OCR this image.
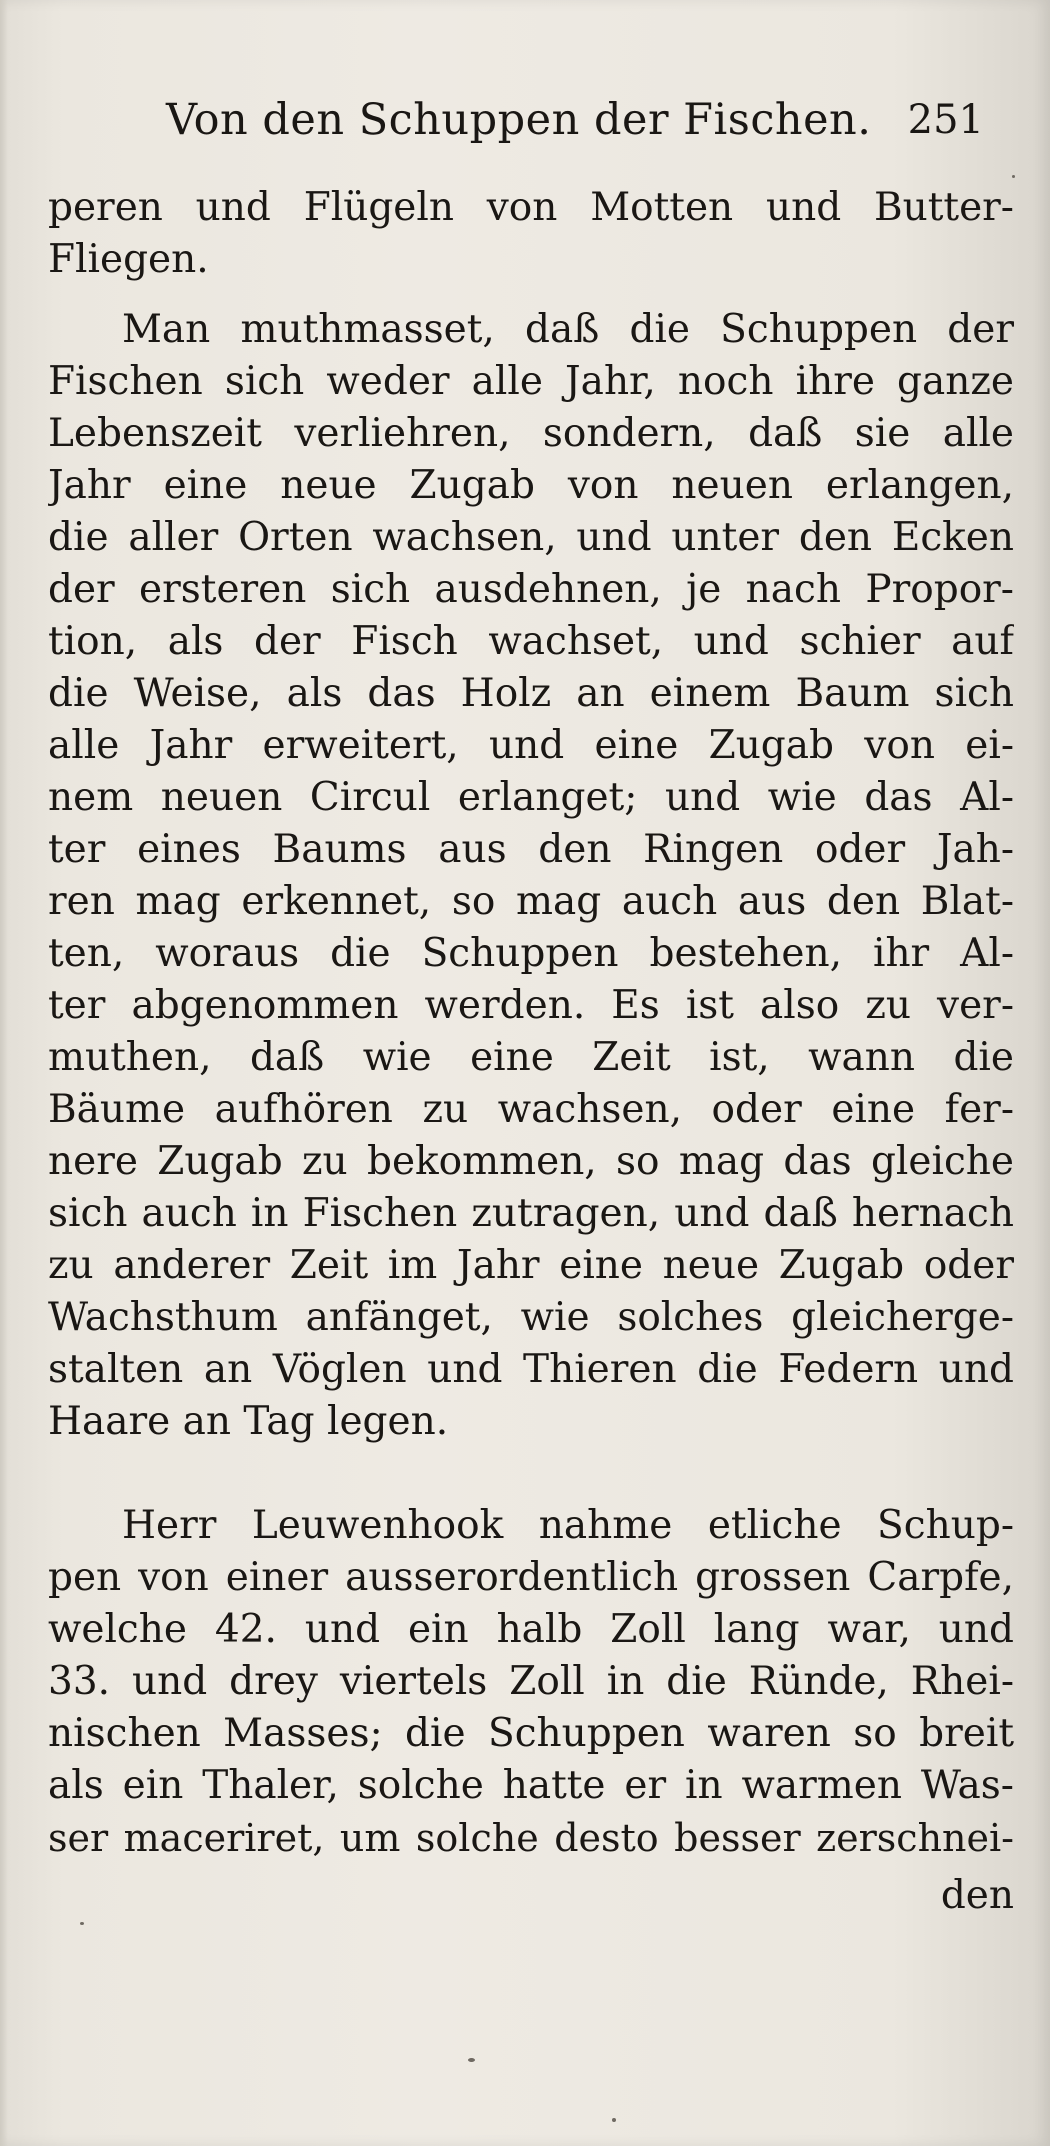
Von den Schuppen der Fischen. 251
peren und Flügeln von Motten und Butter-
Fliegen.
Man muthmasset, daß die Schuppen der
Fischen sich weder alle Jahr, noch ihre ganze
Lebenszeit verliehren, sondern, daß sie alle
Jahr eine neue Zugab von neuen erlangen,
die aller Orten wachsen, und unter den Ecken
der ersteren sich ausdehnen, je nach Propor-
tion, als der Fisch wachset, und schier auf
die Weise, als das Holz an einem Baum sich
alle Jahr erweitert, und eine Zugab von ei-
nem neuen Circul erlanget; und wie das Al-
ter eines Baums aus den Ringen oder Jah-
ren mag erkennet, so mag auch aus den Blat-
ten, woraus die Schuppen bestehen, ihr Al-
ter abgenommen werden. Es ist also zu ver-
muthen, daß wie eine Zeit ist, wann die
Bäume aufhören zu wachsen, oder eine fer-
nere Zugab zu bekommen, so mag das gleiche
sich auch in Fischen zutragen, und daß hernach
zu anderer Zeit im Jahr eine neue Zugab oder
Wachsthum anfänget, wie solches gleicherge-
stalten an Vöglen und Thieren die Federn und
Haare an Tag legen.
Herr Leuwenhook nahme etliche Schup-
pen von einer ausserordentlich grossen Carpfe,
welche 42. und ein halb Zoll lang war, und
33. und drey viertels Zoll in die Ründe, Rhei-
nischen Masses; die Schuppen waren so breit
als ein Thaler, solche hatte er in warmen Was-
ser maceriret, um solche desto besser zerschnei-
den
